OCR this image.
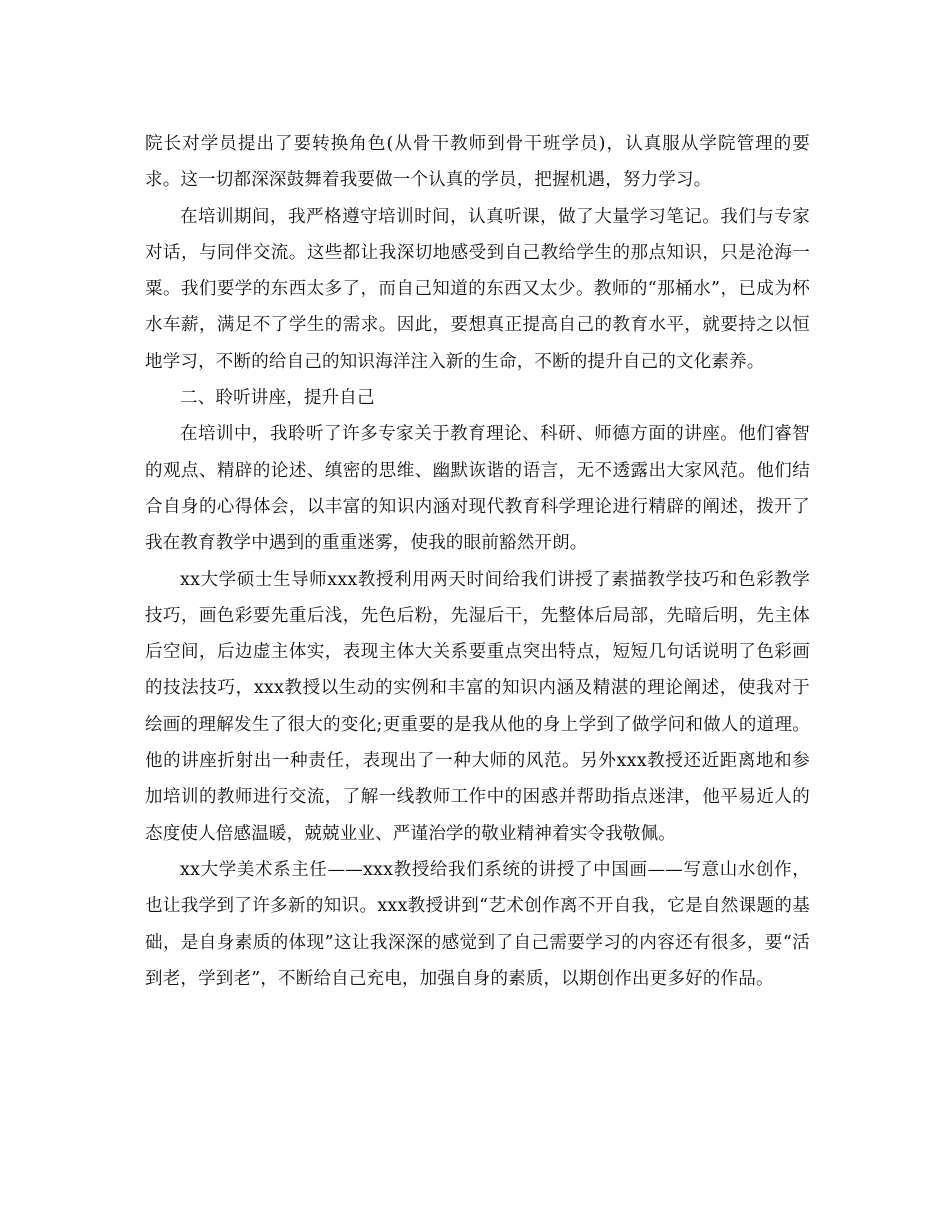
院长对学员提出了要转换角色(从骨干教师到骨干班学员)，认真服从学院管理的要求。这一切都深深鼓舞着我要做一个认真的学员，把握机遇，努力学习。

在培训期间，我严格遵守培训时间，认真听课，做了大量学习笔记。我们与专家对话，与同伴交流。这些都让我深切地感受到自己教给学生的那点知识，只是沧海一粟。我们要学的东西太多了，而自己知道的东西又太少。教师的“那桶水”，已成为杯水车薪，满足不了学生的需求。因此，要想真正提高自己的教育水平，就要持之以恒地学习，不断的给自己的知识海洋注入新的生命，不断的提升自己的文化素养。

二、聆听讲座，提升自己

在培训中，我聆听了许多专家关于教育理论、科研、师德方面的讲座。他们睿智的观点、精辟的论述、缜密的思维、幽默诙谐的语言，无不透露出大家风范。他们结合自身的心得体会，以丰富的知识内涵对现代教育科学理论进行精辟的阐述，拨开了我在教育教学中遇到的重重迷雾，使我的眼前豁然开朗。

xx大学硕士生导师xxx教授利用两天时间给我们讲授了素描教学技巧和色彩教学技巧，画色彩要先重后浅，先色后粉，先湿后干，先整体后局部，先暗后明，先主体后空间，后边虚主体实，表现主体大关系要重点突出特点，短短几句话说明了色彩画的技法技巧，xxx教授以生动的实例和丰富的知识内涵及精湛的理论阐述，使我对于绘画的理解发生了很大的变化;更重要的是我从他的身上学到了做学问和做人的道理。他的讲座折射出一种责任，表现出了一种大师的风范。另外xxx教授还近距离地和参加培训的教师进行交流，了解一线教师工作中的困惑并帮助指点迷津，他平易近人的态度使人倍感温暖，兢兢业业、严谨治学的敬业精神着实令我敬佩。

xx大学美术系主任——xxx教授给我们系统的讲授了中国画——写意山水创作，也让我学到了许多新的知识。xxx教授讲到“艺术创作离不开自我，它是自然课题的基础，是自身素质的体现”这让我深深的感觉到了自己需要学习的内容还有很多，要“活到老，学到老”，不断给自己充电，加强自身的素质，以期创作出更多好的作品。
